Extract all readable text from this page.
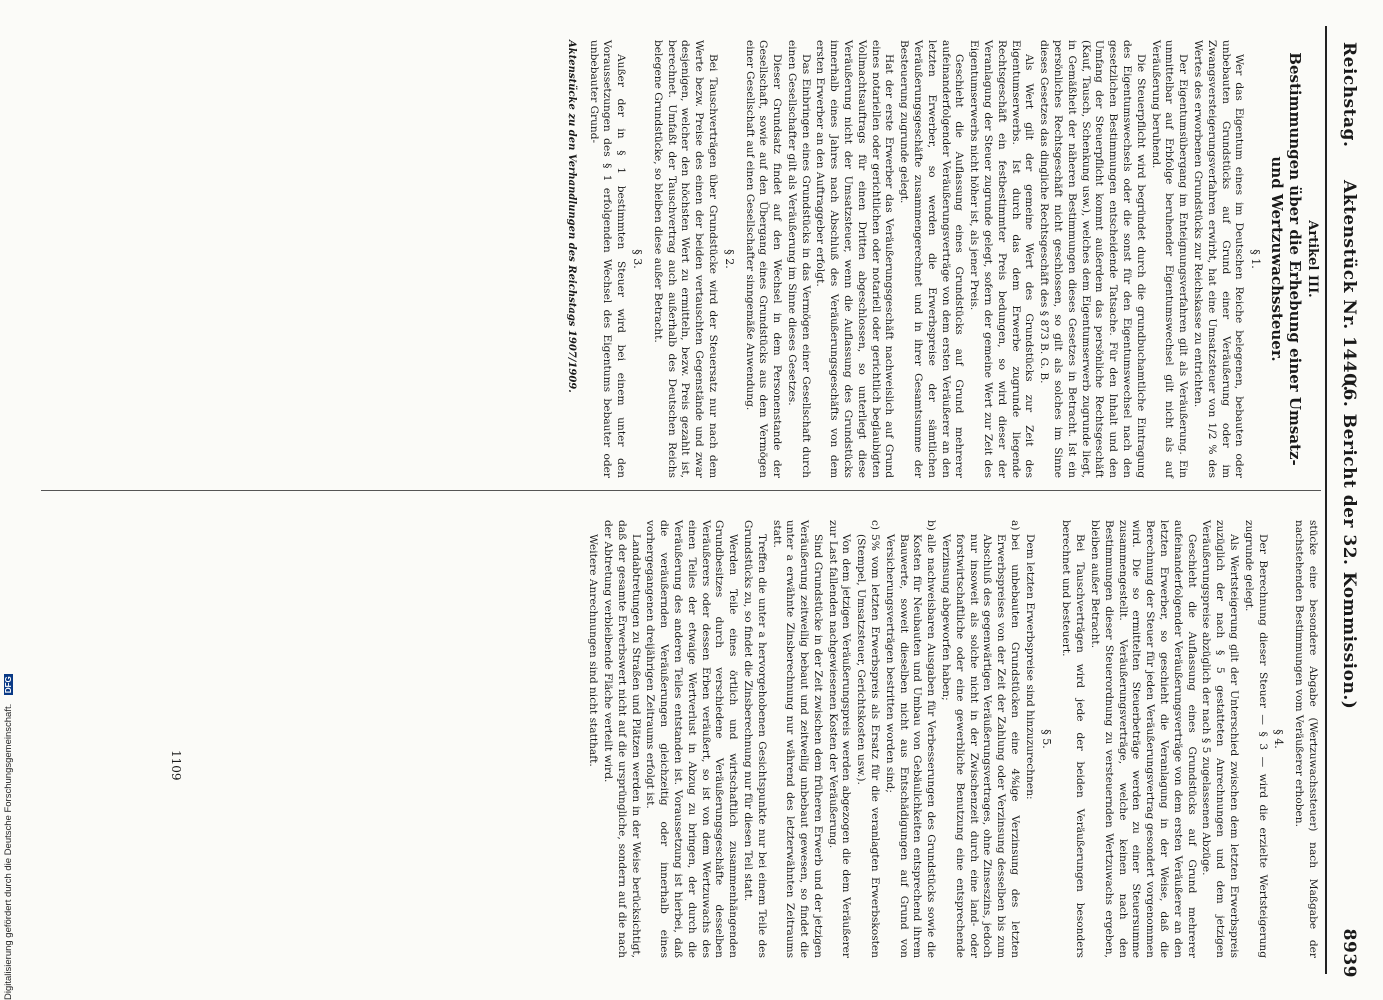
Reichstag.
Aktenstück Nr. 1440.
(6. Bericht der 32. Kommission.)
8939

Artikel III.

Bestimmungen über die Erhebung einer Umsatz- und Wertzuwachssteuer.

§ 1.

Wer das Eigentum eines im Deutschen Reiche belegenen, bebauten oder unbebauten Grundstücks auf Grund einer Veräußerung oder im Zwangsversteigerungsverfahren erwirbt, hat eine Umsatzsteuer von 1/2 % des Wertes des erworbenen Grundstücks zur Reichskasse zu entrichten.

Der Eigentumsübergang im Enteignungsverfahren gilt als Veräußerung. Ein unmittelbar auf Erbfolge beruhender Eigentumswechsel gilt nicht als auf Veräußerung beruhend.

Die Steuerpflicht wird begründet durch die grundbuchamtliche Eintragung des Eigentumswechsels oder die sonst für den Eigentumswechsel nach den gesetzlichen Bestimmungen entscheidende Tatsache. Für den Inhalt und den Umfang der Steuerpflicht kommt außerdem das persönliche Rechtsgeschäft (Kauf, Tausch, Schenkung usw.), welches dem Eigentumserwerb zugrunde liegt, in Gemäßheit der näheren Bestimmungen dieses Gesetzes in Betracht. Ist ein persönliches Rechtsgeschäft nicht geschlossen, so gilt als solches im Sinne dieses Gesetzes das dingliche Rechtsgeschäft des § 873 B. G. B.

Als Wert gilt der gemeine Wert des Grundstücks zur Zeit des Eigentumserwerbs. Ist durch das dem Erwerbe zugrunde liegende Rechtsgeschäft ein festbestimmter Preis bedungen, so wird dieser der Veranlagung der Steuer zugrunde gelegt, sofern der gemeine Wert zur Zeit des Eigentumserwerbs nicht höher ist, als jener Preis.

Geschieht die Auflassung eines Grundstücks auf Grund mehrerer aufeinanderfolgender Veräußerungsverträge von dem ersten Veräußerer an den letzten Erwerber, so werden die Erwerbspreise der sämtlichen Veräußerungsgeschäfte zusammengerechnet und in ihrer Gesamtsumme der Besteuerung zugrunde gelegt.

Hat der erste Erwerber das Veräußerungsgeschäft nachweislich auf Grund eines notariellen oder gerichtlichen oder notariell oder gerichtlich beglaubigten Vollmachtsauftrags für einen Dritten abgeschlossen, so unterliegt diese Veräußerung nicht der Umsatzsteuer, wenn die Auflassung des Grundstücks innerhalb eines Jahres nach Abschluß des Veräußerungsgeschäfts von dem ersten Erwerber an den Auftraggeber erfolgt.

Das Einbringen eines Grundstücks in das Vermögen einer Gesellschaft durch einen Gesellschafter gilt als Veräußerung im Sinne dieses Gesetzes.

Dieser Grundsatz findet auf den Wechsel in dem Personenstande der Gesellschaft, sowie auf den Übergang eines Grundstücks aus dem Vermögen einer Gesellschaft auf einen Gesellschafter sinngemäße Anwendung.

§ 2.

Bei Tauschverträgen über Grundstücke wird der Steuersatz nur nach dem Werte bezw. Preise des einen der beiden vertauschten Gegenstände und zwar desjenigen, welcher den höchsten Wert zu ermitteln, bezw. Preis gezahlt ist, berechnet. Umfaßt der Tauschvertrag auch außerhalb des Deutschen Reichs belegene Grundstücke, so bleiben diese außer Betracht.

§ 3.

Außer der in § 1 bestimmten Steuer wird bei einem unter den Voraussetzungen des § 1 erfolgenden Wechsel des Eigentums bebauter oder unbebauter Grund-

Aktenstücke zu den Verhandlungen des Reichstags 1907/1909.

stücke eine besondere Abgabe (Wertzuwachssteuer) nach Maßgabe der nachstehenden Bestimmungen vom Veräußerer erhoben.

§ 4.

Der Berechnung dieser Steuer — § 3 — wird die erzielte Wertsteigerung zugrunde gelegt.

Als Wertsteigerung gilt der Unterschied zwischen dem letzten Erwerbspreis zuzüglich der nach § 5 gestatteten Anrechnungen und dem jetzigen Veräußerungspreise abzüglich der nach § 5 zugelassenen Abzüge.

Geschieht die Auflassung eines Grundstücks auf Grund mehrerer aufeinanderfolgender Veräußerungsverträge von dem ersten Veräußerer an den letzten Erwerber, so geschieht die Veranlagung in der Weise, daß die Berechnung der Steuer für jeden Veräußerungsvertrag gesondert vorgenommen wird. Die so ermittelten Steuerbeträge werden zu einer Steuersumme zusammengestellt. Veräußerungsverträge, welche keinen nach den Bestimmungen dieser Steuerordnung zu versteuernden Wertzuwachs ergeben, bleiben außer Betracht.

Bei Tauschverträgen wird jede der beiden Veräußerungen besonders berechnet und besteuert.

§ 5.

Dem letzten Erwerbspreise sind hinzuzurechnen:

a)bei unbebauten Grundstücken eine 4%ige Verzinsung des letzten Erwerbspreises von der Zeit der Zahlung oder Verzinsung desselben bis zum Abschluß des gegenwärtigen Veräußerungsvertrages, ohne Zinseszins, jedoch nur insoweit als solche nicht in der Zwischenzeit durch eine land- oder forstwirtschaftliche oder eine gewerbliche Benutzung eine entsprechende Verzinsung abgeworfen haben;

b)alle nachweisbaren Ausgaben für Verbesserungen des Grundstücks sowie die Kosten für Neubauten und Umbau von Gebäulichkeiten entsprechend ihrem Bauwerte, soweit dieselben nicht aus Entschädigungen auf Grund von Versicherungsverträgen bestritten worden sind;

c)5% vom letzten Erwerbspreis als Ersatz für die veranlagten Erwerbskosten (Stempel, Umsatzsteuer, Gerichtskosten usw.).

Von dem jetzigen Veräußerungspreis werden abgezogen die dem Veräußerer zur Last fallenden nachgewiesenen Kosten der Veräußerung.

Sind Grundstücke in der Zeit zwischen dem früheren Erwerb und der jetzigen Veräußerung zeitweilig bebaut und zeitweilig unbebaut gewesen, so findet die unter a erwähnte Zinsberechnung nur während des letzterwähnten Zeitraums statt.

Treffen die unter a hervorgehobenen Gesichtspunkte nur bei einem Teile des Grundstücks zu, so findet die Zinsberechnung nur für diesen Teil statt.

Werden Teile eines örtlich und wirtschaftlich zusammenhängenden Grundbesitzes durch verschiedene Veräußerungsgeschäfte desselben Veräußerers oder dessen Erben veräußert, so ist von dem Wertzuwachs des einen Teiles der etwaige Wertverlust in Abzug zu bringen, der durch die Veräußerung des anderen Teiles entstanden ist. Voraussetzung ist hierbei, daß die veräußernden Veräußerungen gleichzeitig oder innerhalb eines vorhergegangenen dreijährigen Zeitraums erfolgt ist.

Landabtretungen zu Straßen und Plätzen werden in der Weise berücksichtigt, daß der gesamte Erwerbswert nicht auf die ursprüngliche, sondern auf die nach der Abtretung verbleibende Fläche verteilt wird.

Weitere Anrechnungen sind nicht statthaft.

1109
Digitalisierung gefördert durch die Deutsche Forschungsgemeinschaft. DFG
